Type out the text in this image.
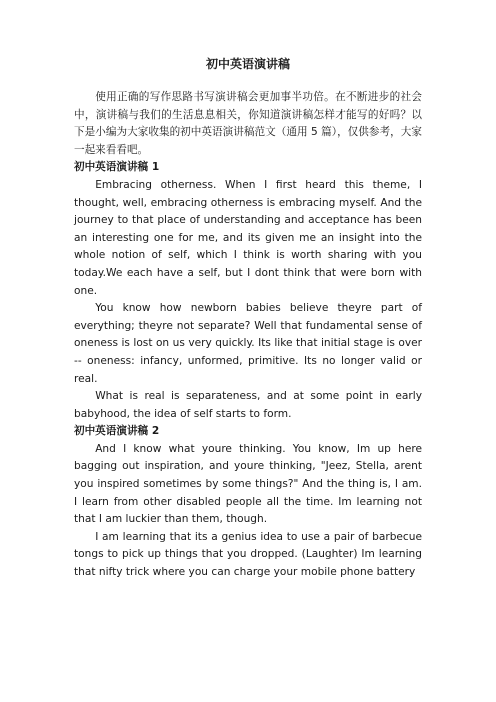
初中英语演讲稿

使用正确的写作思路书写演讲稿会更加事半功倍。在不断进步的社会中，演讲稿与我们的生活息息相关，你知道演讲稿怎样才能写的好吗？以下是小编为大家收集的初中英语演讲稿范文（通用 5 篇），仅供参考，大家一起来看看吧。

初中英语演讲稿 1

Embracing otherness. When I first heard this theme, I thought, well, embracing otherness is embracing myself. And the journey to that place of understanding and acceptance has been an interesting one for me, and its given me an insight into the whole notion of self, which I think is worth sharing with you today.We each have a self, but I dont think that were born with one.

You know how newborn babies believe theyre part of everything; theyre not separate? Well that fundamental sense of oneness is lost on us very quickly. Its like that initial stage is over -- oneness: infancy, unformed, primitive. Its no longer valid or real.

What is real is separateness, and at some point in early babyhood, the idea of self starts to form.

初中英语演讲稿 2

And I know what youre thinking. You know, Im up here bagging out inspiration, and youre thinking, "Jeez, Stella, arent you inspired sometimes by some things?" And the thing is, I am. I learn from other disabled people all the time. Im learning not that I am luckier than them, though.

I am learning that its a genius idea to use a pair of barbecue tongs to pick up things that you dropped. (Laughter) Im learning that nifty trick where you can charge your mobile phone battery
